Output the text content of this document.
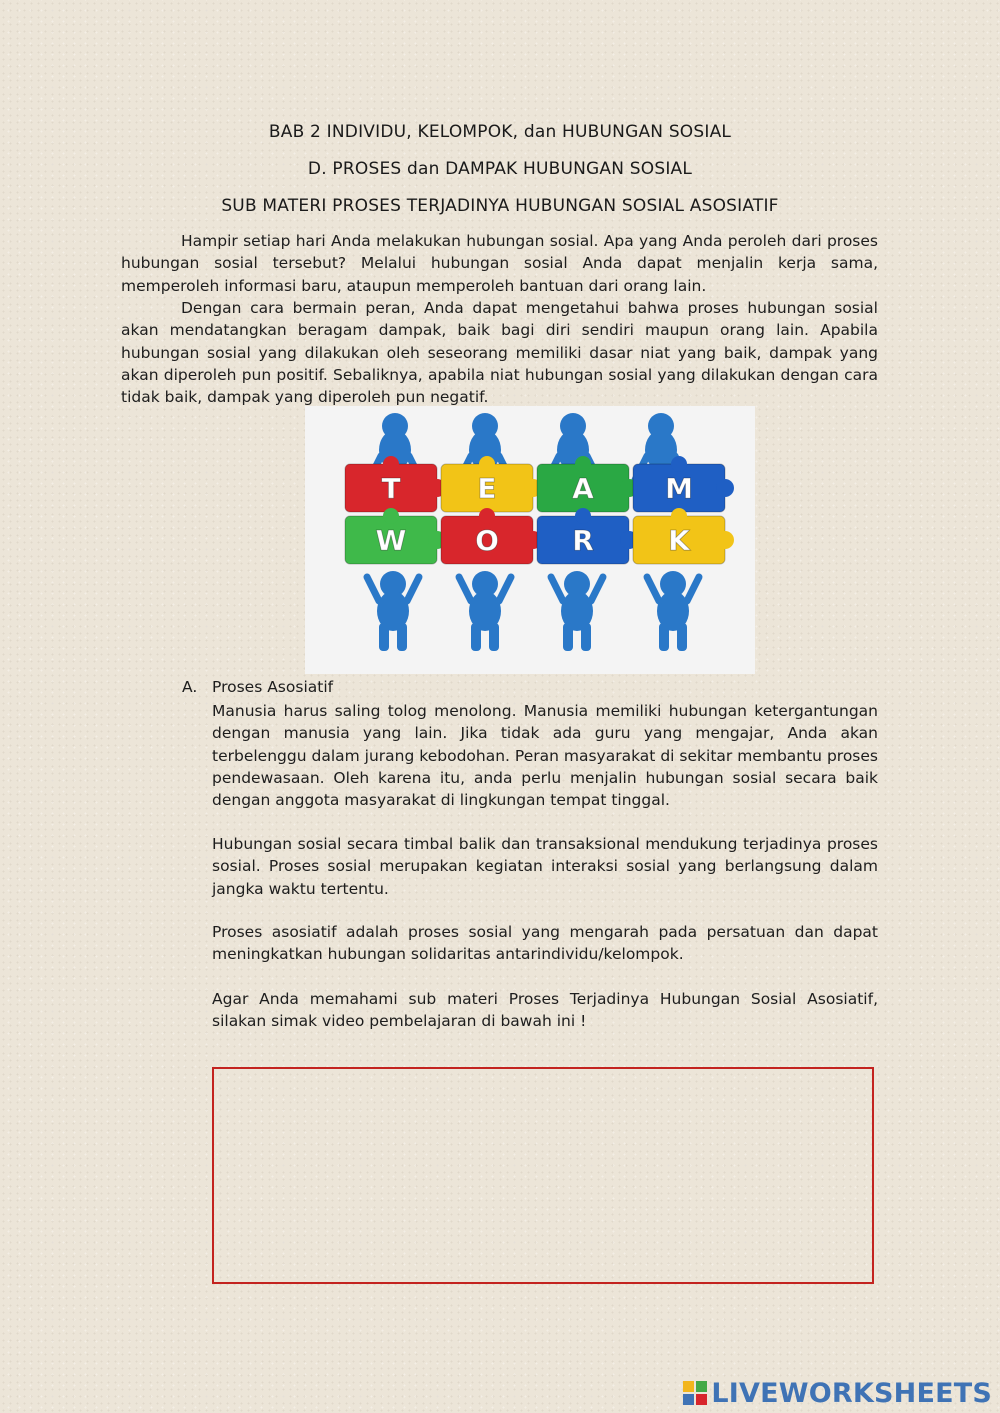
BAB 2 INDIVIDU, KELOMPOK, dan HUBUNGAN SOSIAL
D. PROSES dan DAMPAK HUBUNGAN SOSIAL
SUB MATERI PROSES TERJADINYA HUBUNGAN SOSIAL ASOSIATIF

Hampir setiap hari Anda melakukan hubungan sosial. Apa yang Anda peroleh dari proses hubungan sosial tersebut? Melalui hubungan sosial Anda dapat menjalin kerja sama, memperoleh informasi baru, ataupun memperoleh bantuan dari orang lain.

Dengan cara bermain peran, Anda dapat mengetahui bahwa proses hubungan sosial akan mendatangkan beragam dampak, baik bagi diri sendiri maupun orang lain. Apabila hubungan sosial yang dilakukan oleh seseorang memiliki dasar niat yang baik, dampak yang akan diperoleh pun positif. Sebaliknya, apabila niat hubungan sosial yang dilakukan dengan cara tidak baik, dampak yang diperoleh pun negatif.

T	E	A	M
W O	R	K
A. Proses Asosiatif

Manusia harus saling tolog menolong. Manusia memiliki hubungan ketergantungan dengan manusia yang lain. Jika tidak ada guru yang mengajar, Anda akan terbelenggu dalam jurang kebodohan. Peran masyarakat di sekitar membantu proses pendewasaan. Oleh karena itu, anda perlu menjalin hubungan sosial secara baik dengan anggota masyarakat di lingkungan tempat tinggal.

Hubungan sosial secara timbal balik dan transaksional mendukung terjadinya proses sosial. Proses sosial merupakan kegiatan interaksi sosial yang berlangsung dalam jangka waktu tertentu.

Proses asosiatif adalah proses sosial yang mengarah pada persatuan dan dapat meningkatkan hubungan solidaritas antarindividu/kelompok.

Agar Anda memahami sub materi Proses Terjadinya Hubungan Sosial Asosiatif, silakan simak video pembelajaran di bawah ini !

LIVEWORKSHEETS
